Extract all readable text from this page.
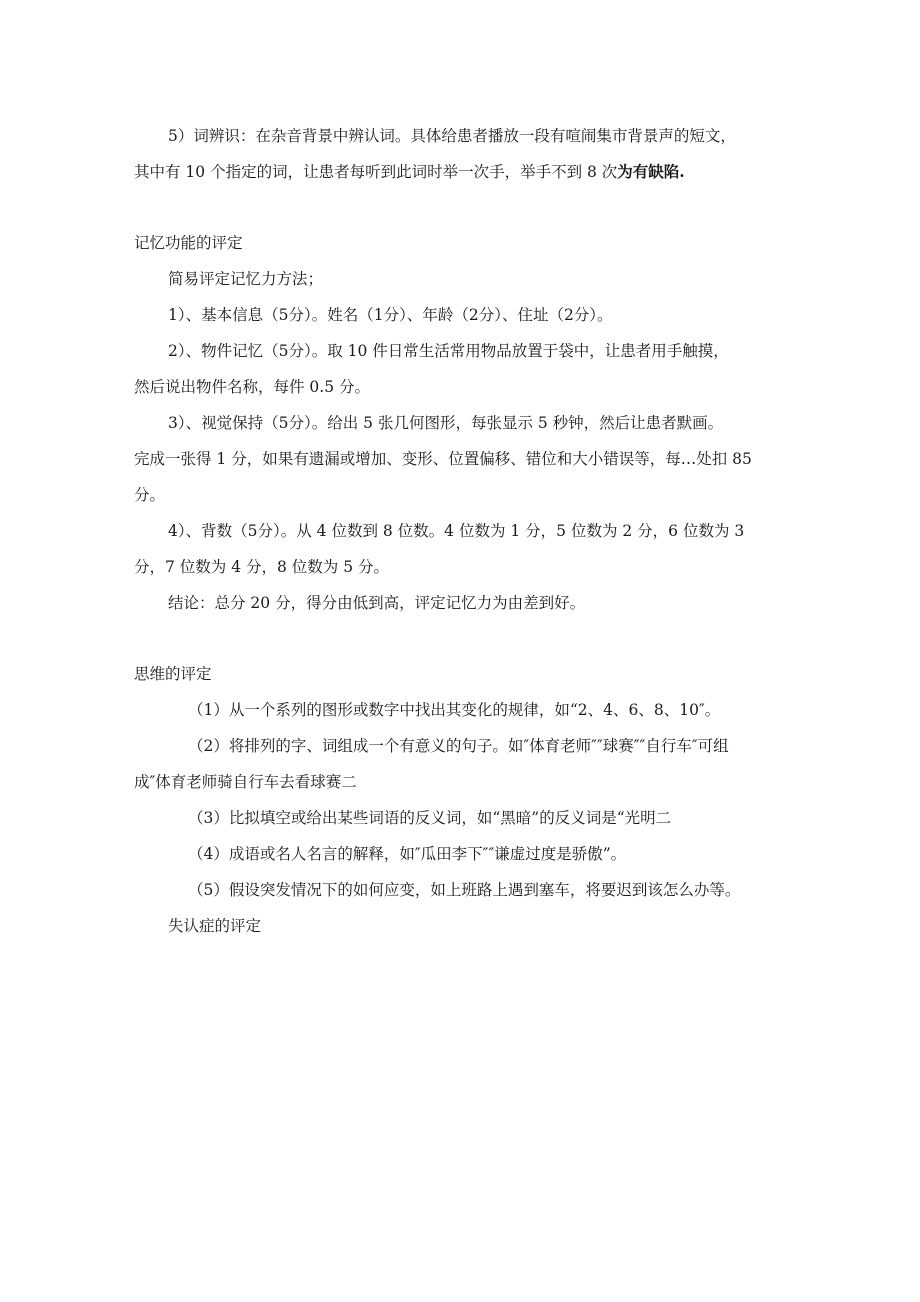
5）词辨识：在杂音背景中辨认词。具体给患者播放一段有喧闹集市背景声的短文，
其中有 10 个指定的词，让患者每听到此词时举一次手，举手不到 8 次为有缺陷.
记忆功能的评定
简易评定记忆力方法；
1）、基本信息（5分）。姓名（1分）、年龄（2分）、住址（2分）。
2）、物件记忆（5分）。取 10 件日常生活常用物品放置于袋中，让患者用手触摸，
然后说出物件名称，每件 0.5 分。
3）、视觉保持（5分）。给出 5 张几何图形，每张显示 5 秒钟，然后让患者默画。
完成一张得 1 分，如果有遗漏或增加、变形、位置偏移、错位和大小错误等，每…处扣 85
分。
4）、背数（5分）。从 4 位数到 8 位数。4 位数为 1 分，5 位数为 2 分，6 位数为 3
分，7 位数为 4 分，8 位数为 5 分。
结论：总分 20 分，得分由低到高，评定记忆力为由差到好。
思维的评定
（1）从一个系列的图形或数字中找出其变化的规律，如“2、4、6、8、10″。
（2）将排列的字、词组成一个有意义的句子。如″体育老师″″球赛″″自行车″可组
成″体育老师骑自行车去看球赛二
（3）比拟填空或给出某些词语的反义词，如“黑暗”的反义词是“光明二
（4）成语或名人名言的解释，如″瓜田李下″″谦虚过度是骄傲”。
（5）假设突发情况下的如何应变，如上班路上遇到塞车，将要迟到该怎么办等。
失认症的评定
